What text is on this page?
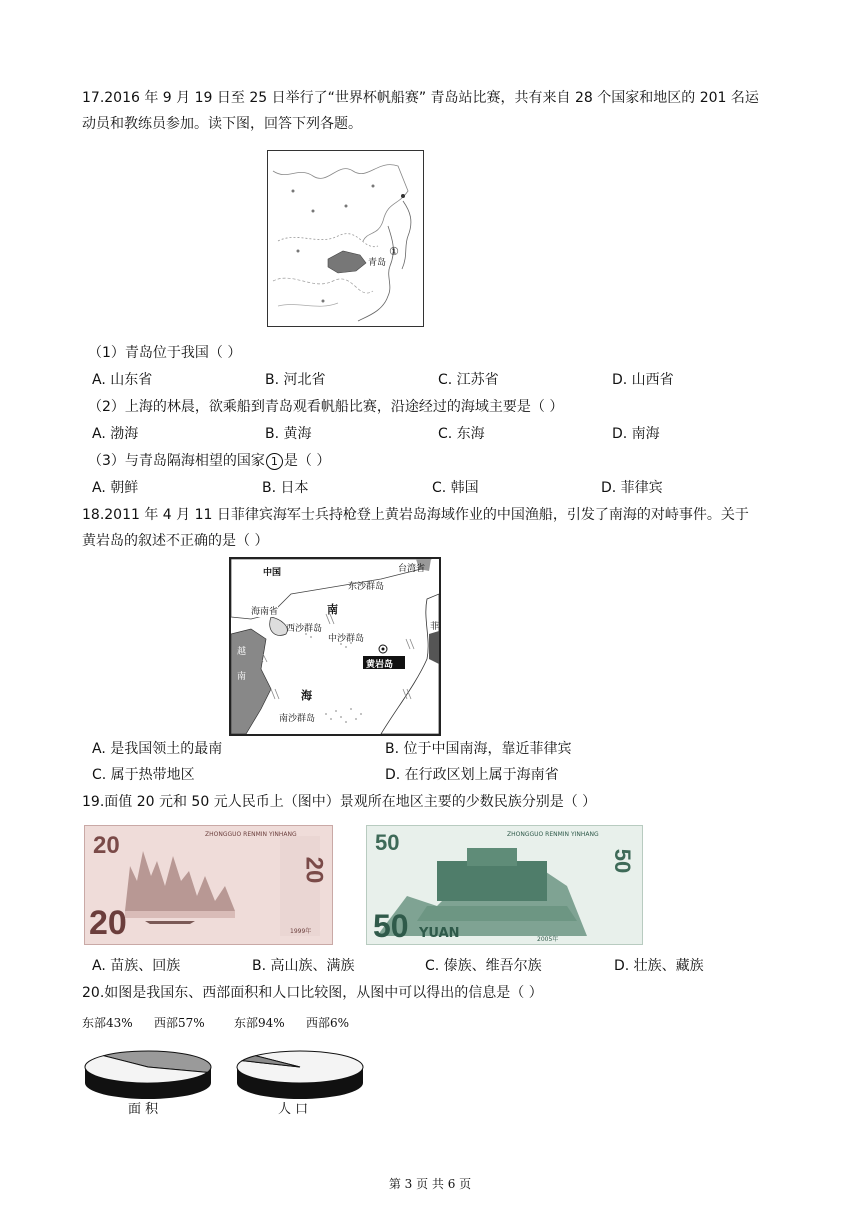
17.2016 年 9 月 19 日至 25 日举行了“世界杯帆船赛” 青岛站比赛，共有来自 28 个国家和地区的 201 名运
动员和教练员参加。读下图，回答下列各题。
青岛
①
（1）青岛位于我国（ ）
A. 山东省	B. 河北省	C. 江苏省	D. 山西省
（2）上海的林晨，欲乘船到青岛观看帆船比赛，沿途经过的海域主要是（ ）
A. 渤海	B. 黄海	C. 东海	D. 南海
（3）与青岛隔海相望的国家 1 是（ ）
A. 朝鲜	B. 日本	C. 韩国	D. 菲律宾
18.2011 年 4 月 11 日菲律宾海军士兵持枪登上黄岩岛海域作业的中国渔船，引发了南海的对峙事件。关于
黄岩岛的叙述不正确的是（ ）
中国	台湾省
东沙群岛
海南省	南
西沙群岛
中沙群岛
黄岩岛
越
南
海
南沙群岛
菲
A. 是我国领土的最南	B. 位于中国南海，靠近菲律宾
C. 属于热带地区	D. 在行政区划上属于海南省
19.面值 20 元和 50 元人民币上（图中）景观所在地区主要的少数民族分别是（ ）
20
20
ZHONGGUO RENMIN YINHANG
1999年
20
50
50 YUAN
ZHONGGUO RENMIN YINHANG
2005年
50
A. 苗族、回族	B. 高山族、满族	C. 傣族、维吾尔族	D. 壮族、藏族
20.如图是我国东、西部面积和人口比较图，从图中可以得出的信息是（ ）
东部43% 西部57% 东部94% 西部6%
面 积	人 口
第 3 页 共 6 页
